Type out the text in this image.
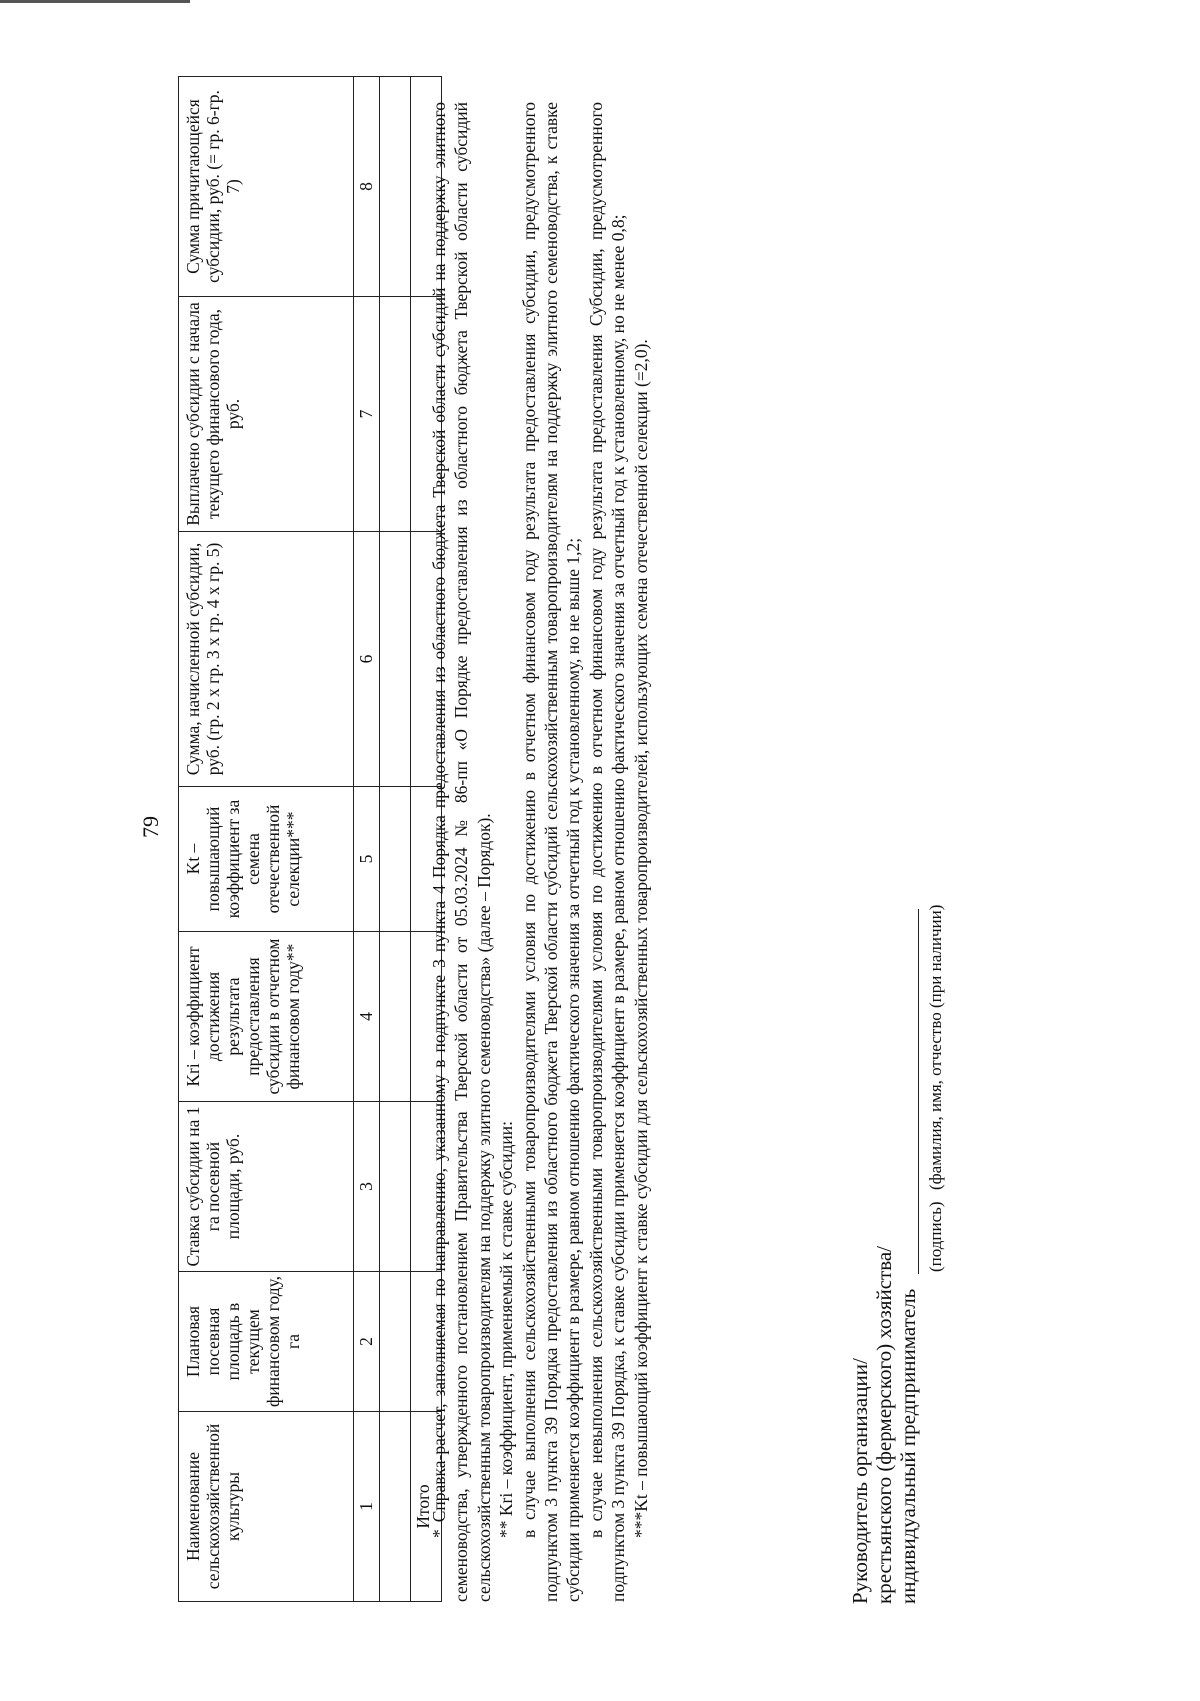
79
Наименование сельскохозяйственной культуры	Плановая посевная площадь в текущем финансовом году, га	Ставка субсидии на 1 га посевной площади, руб.	Kri – коэффициент достижения результата предоставления субсидии в отчетном финансовом году**	Kt – повышающий коэффициент за семена отечественной селекции***	Сумма, начисленной субсидии, руб. (гр. 2 х гр. 3 х гр. 4 х гр. 5)	Выплачено субсидии с начала текущего финансового года, руб.	Сумма причитающейся субсидии, руб. (= гр. 6-гр. 7)
1	2	3	4	5	6	7	8

Итого							

* Справка-расчет, заполняемая по направлению, указанному в подпункте 3 пункта 4 Порядка предоставления из областного бюджета Тверской области субсидий на поддержку элитного семеноводства, утвержденного постановлением Правительства Тверской области от 05.03.2024 № 86-пп «О Порядке предоставления из областного бюджета Тверской области субсидий сельскохозяйственным товаропроизводителям на поддержку элитного семеноводства» (далее – Порядок). ** Kri – коэффициент, применяемый к ставке субсидии: в случае выполнения сельскохозяйственными товаропроизводителями условия по достижению в отчетном финансовом году результата предоставления субсидии, предусмотренного подпунктом 3 пункта 39 Порядка предоставления из областного бюджета Тверской области субсидий сельскохозяйственным товаропроизводителям на поддержку элитного семеноводства, к ставке субсидии применяется коэффициент в размере, равном отношению фактического значения за отчетный год к установленному, но не выше 1,2; в случае невыполнения сельскохозяйственными товаропроизводителями условия по достижению в отчетном финансовом году результата предоставления Субсидии, предусмотренного подпунктом 3 пункта 39 Порядка, к ставке субсидии применяется коэффициент в размере, равном отношению фактического значения за отчетный год к установленному, но не менее 0,8; ***Kt – повышающий коэффициент к ставке субсидии для сельскохозяйственных товаропроизводителей, использующих семена отечественной селекции (=2,0).	Руководитель организации/ крестьянского (фермерского) хозяйства/ индивидуальный предприниматель
(подпись)
(фамилия, имя, отчество (при наличии)
